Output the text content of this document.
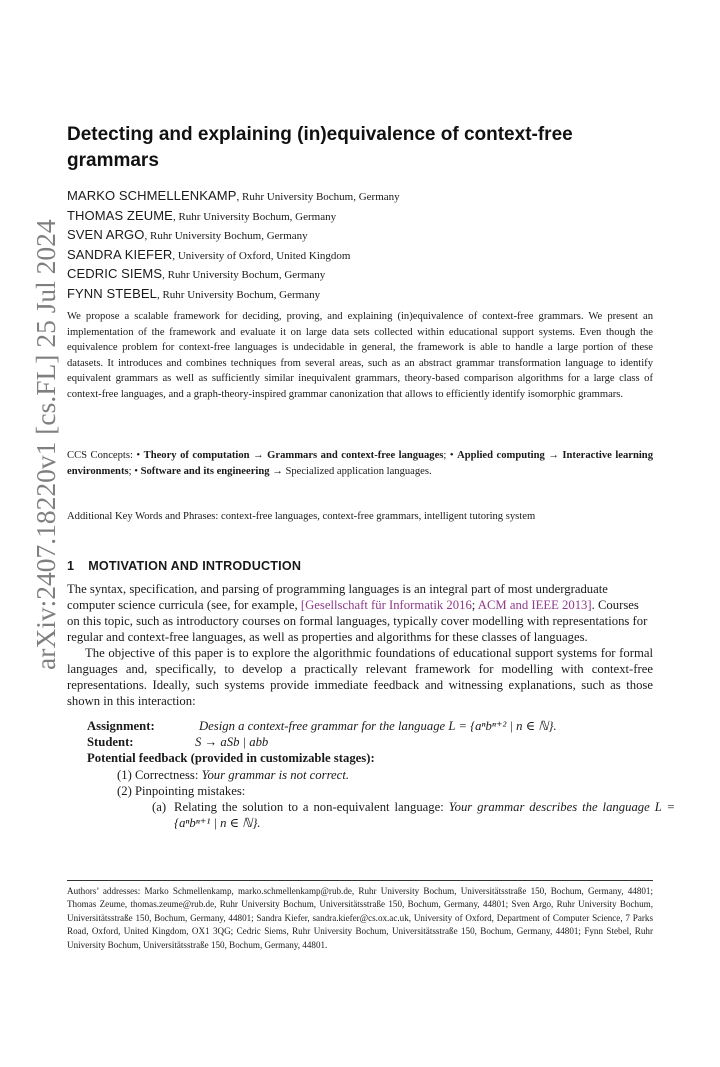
arXiv:2407.18220v1 [cs.FL] 25 Jul 2024
Detecting and explaining (in)equivalence of context-free grammars
MARKO SCHMELLENKAMP, Ruhr University Bochum, Germany
THOMAS ZEUME, Ruhr University Bochum, Germany
SVEN ARGO, Ruhr University Bochum, Germany
SANDRA KIEFER, University of Oxford, United Kingdom
CEDRIC SIEMS, Ruhr University Bochum, Germany
FYNN STEBEL, Ruhr University Bochum, Germany

We propose a scalable framework for deciding, proving, and explaining (in)equivalence of context-free grammars. We present an implementation of the framework and evaluate it on large data sets collected within educational support systems. Even though the equivalence problem for context-free languages is undecidable in general, the framework is able to handle a large portion of these datasets. It introduces and combines techniques from several areas, such as an abstract grammar transformation language to identify equivalent grammars as well as sufficiently similar inequivalent grammars, theory-based comparison algorithms for a large class of context-free languages, and a graph-theory-inspired grammar canonization that allows to efficiently identify isomorphic grammars.

CCS Concepts: • Theory of computation → Grammars and context-free languages; • Applied computing → Interactive learning environments; • Software and its engineering → Specialized application languages.

Additional Key Words and Phrases: context-free languages, context-free grammars, intelligent tutoring system

1 MOTIVATION AND INTRODUCTION

The syntax, specification, and parsing of programming languages is an integral part of most undergraduate computer science curricula (see, for example, [Gesellschaft für Informatik 2016; ACM and IEEE 2013]. Courses on this topic, such as introductory courses on formal languages, typically cover modelling with representations for regular and context-free languages, as well as properties and algorithms for these classes of languages.

The objective of this paper is to explore the algorithmic foundations of educational support systems for formal languages and, specifically, to develop a practically relevant framework for modelling with context-free representations. Ideally, such systems provide immediate feedback and witnessing explanations, such as those shown in this interaction:

Assignment:	Design a context-free grammar for the language L = {aⁿbⁿ⁺² | n ∈ ℕ}.
Student:	S → aSb | abb
Potential feedback (provided in customizable stages):
(1) Correctness: Your grammar is not correct.
(2) Pinpointing mistakes:
(a) Relating the solution to a non-equivalent language: Your grammar describes the language L = {aⁿbⁿ⁺¹ | n ∈ ℕ}.

Authors’ addresses: Marko Schmellenkamp, marko.schmellenkamp@rub.de, Ruhr University Bochum, Universitätsstraße 150, Bochum, Germany, 44801; Thomas Zeume, thomas.zeume@rub.de, Ruhr University Bochum, Universitätsstraße 150, Bochum, Germany, 44801; Sven Argo, Ruhr University Bochum, Universitätsstraße 150, Bochum, Germany, 44801; Sandra Kiefer, sandra.kiefer@cs.ox.ac.uk, University of Oxford, Department of Computer Science, 7 Parks Road, Oxford, United Kingdom, OX1 3QG; Cedric Siems, Ruhr University Bochum, Universitätsstraße 150, Bochum, Germany, 44801; Fynn Stebel, Ruhr University Bochum, Universitätsstraße 150, Bochum, Germany, 44801.
